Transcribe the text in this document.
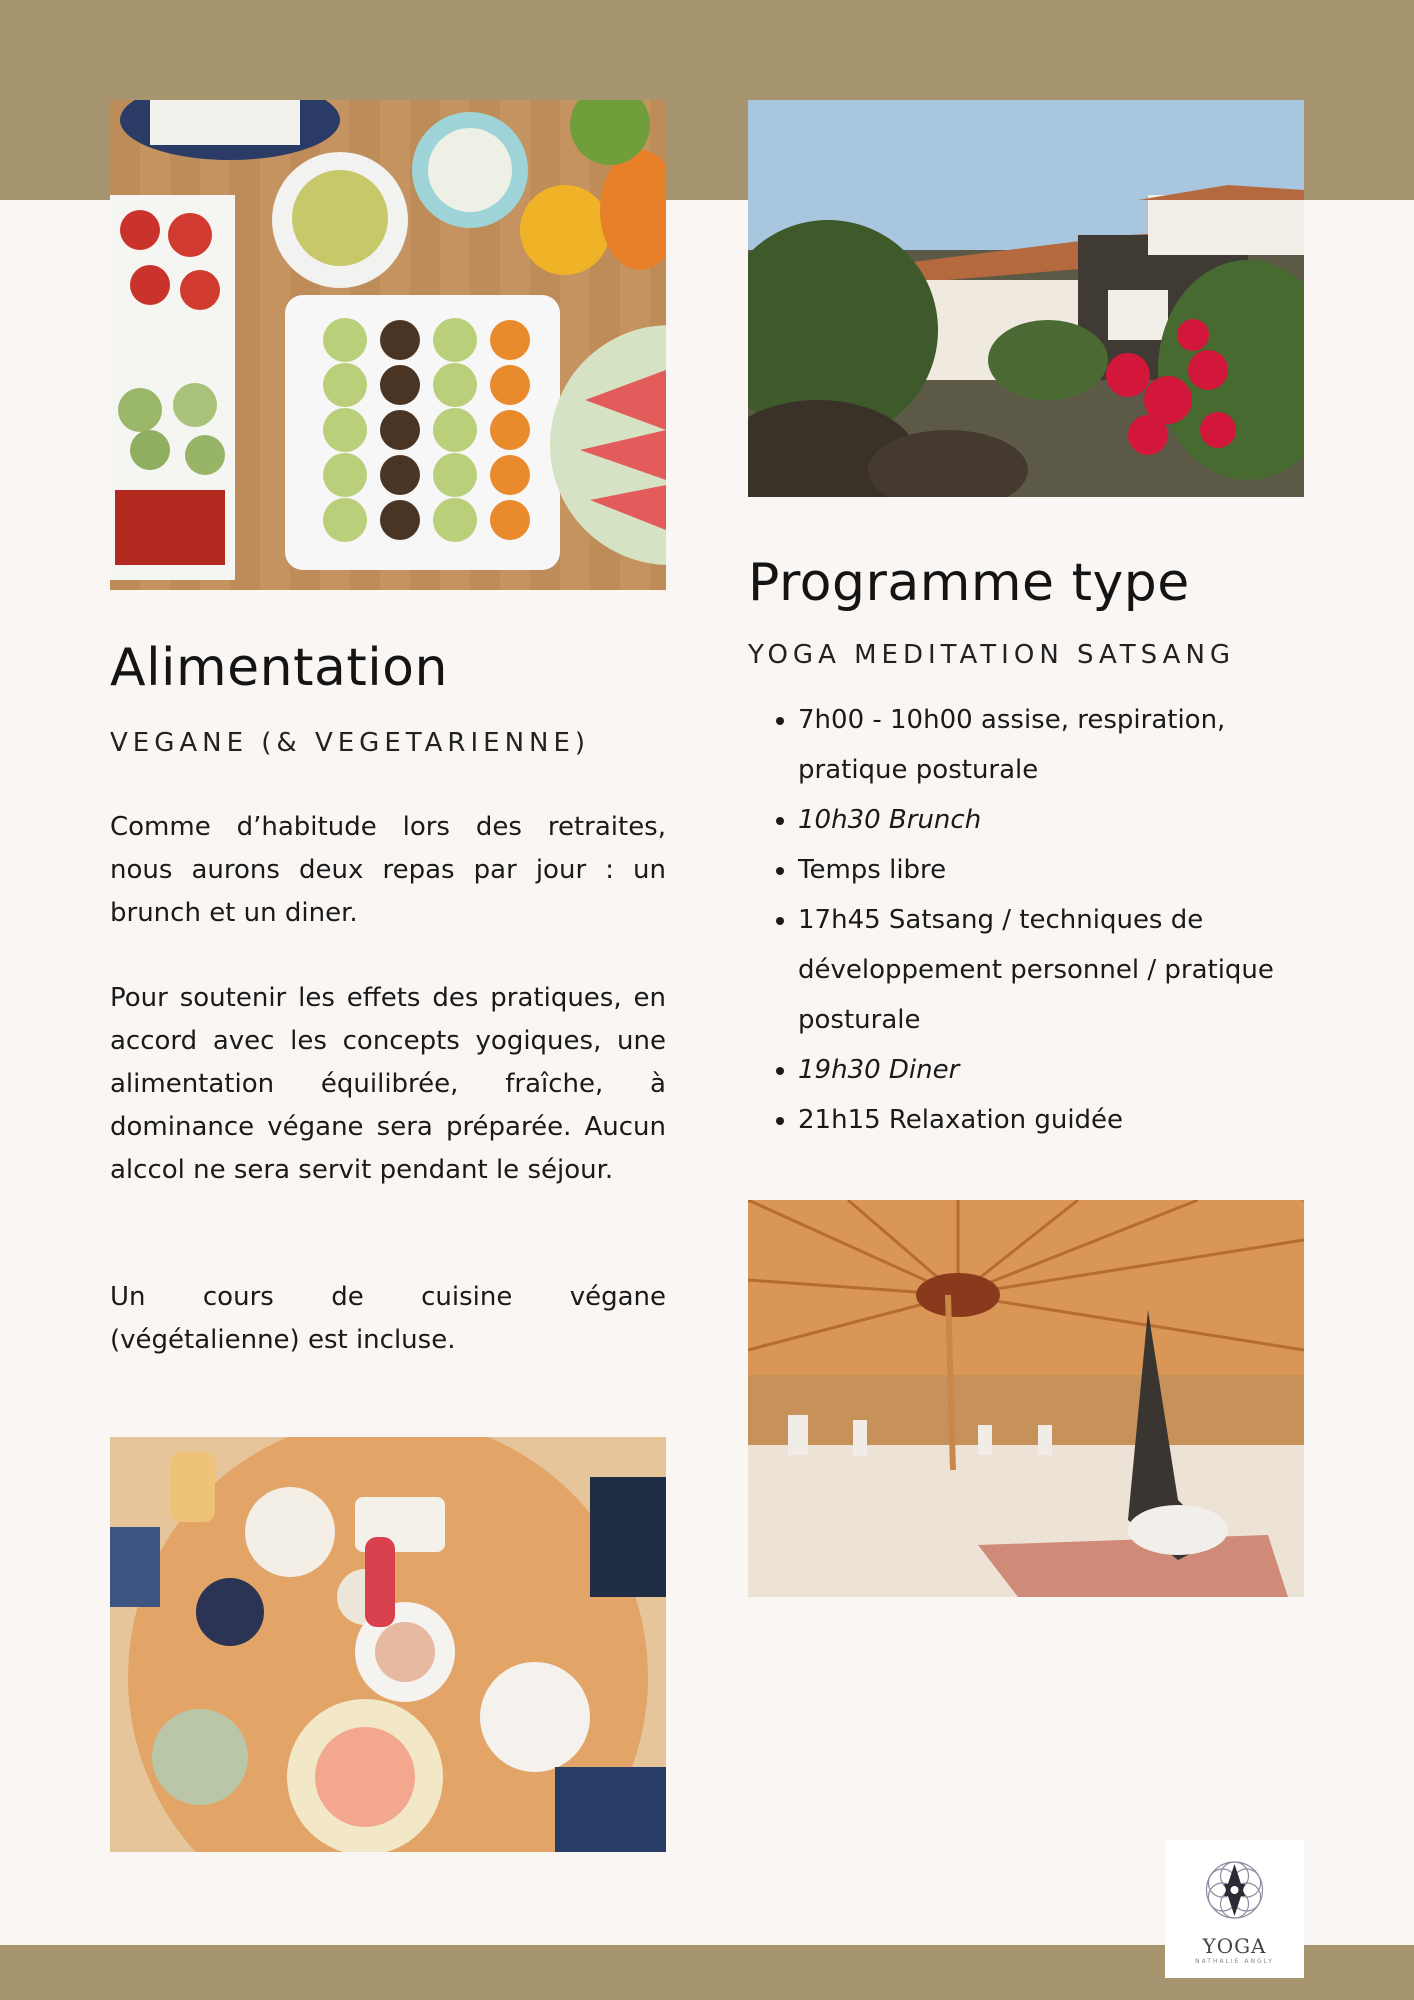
Alimentation

VEGANE (& VEGETARIENNE)

Comme d’habitude lors des retraites, nous aurons deux repas par jour : un brunch et un diner.

Pour soutenir les effets des pratiques, en accord avec les concepts yogiques, une alimentation équilibrée, fraîche, à dominance végane sera préparée. Aucun alccol ne sera servit pendant le séjour.

Un cours de cuisine végane (végétalienne) est incluse.

Programme type

YOGA MEDITATION SATSANG

• 7h00 - 10h00 assise, respiration, pratique posturale
• 10h30 Brunch
• Temps libre
• 17h45 Satsang / techniques de développement personnel / pratique posturale
• 19h30 Diner
• 21h15 Relaxation guidée
YOGA
NATHALIE ANGLY
